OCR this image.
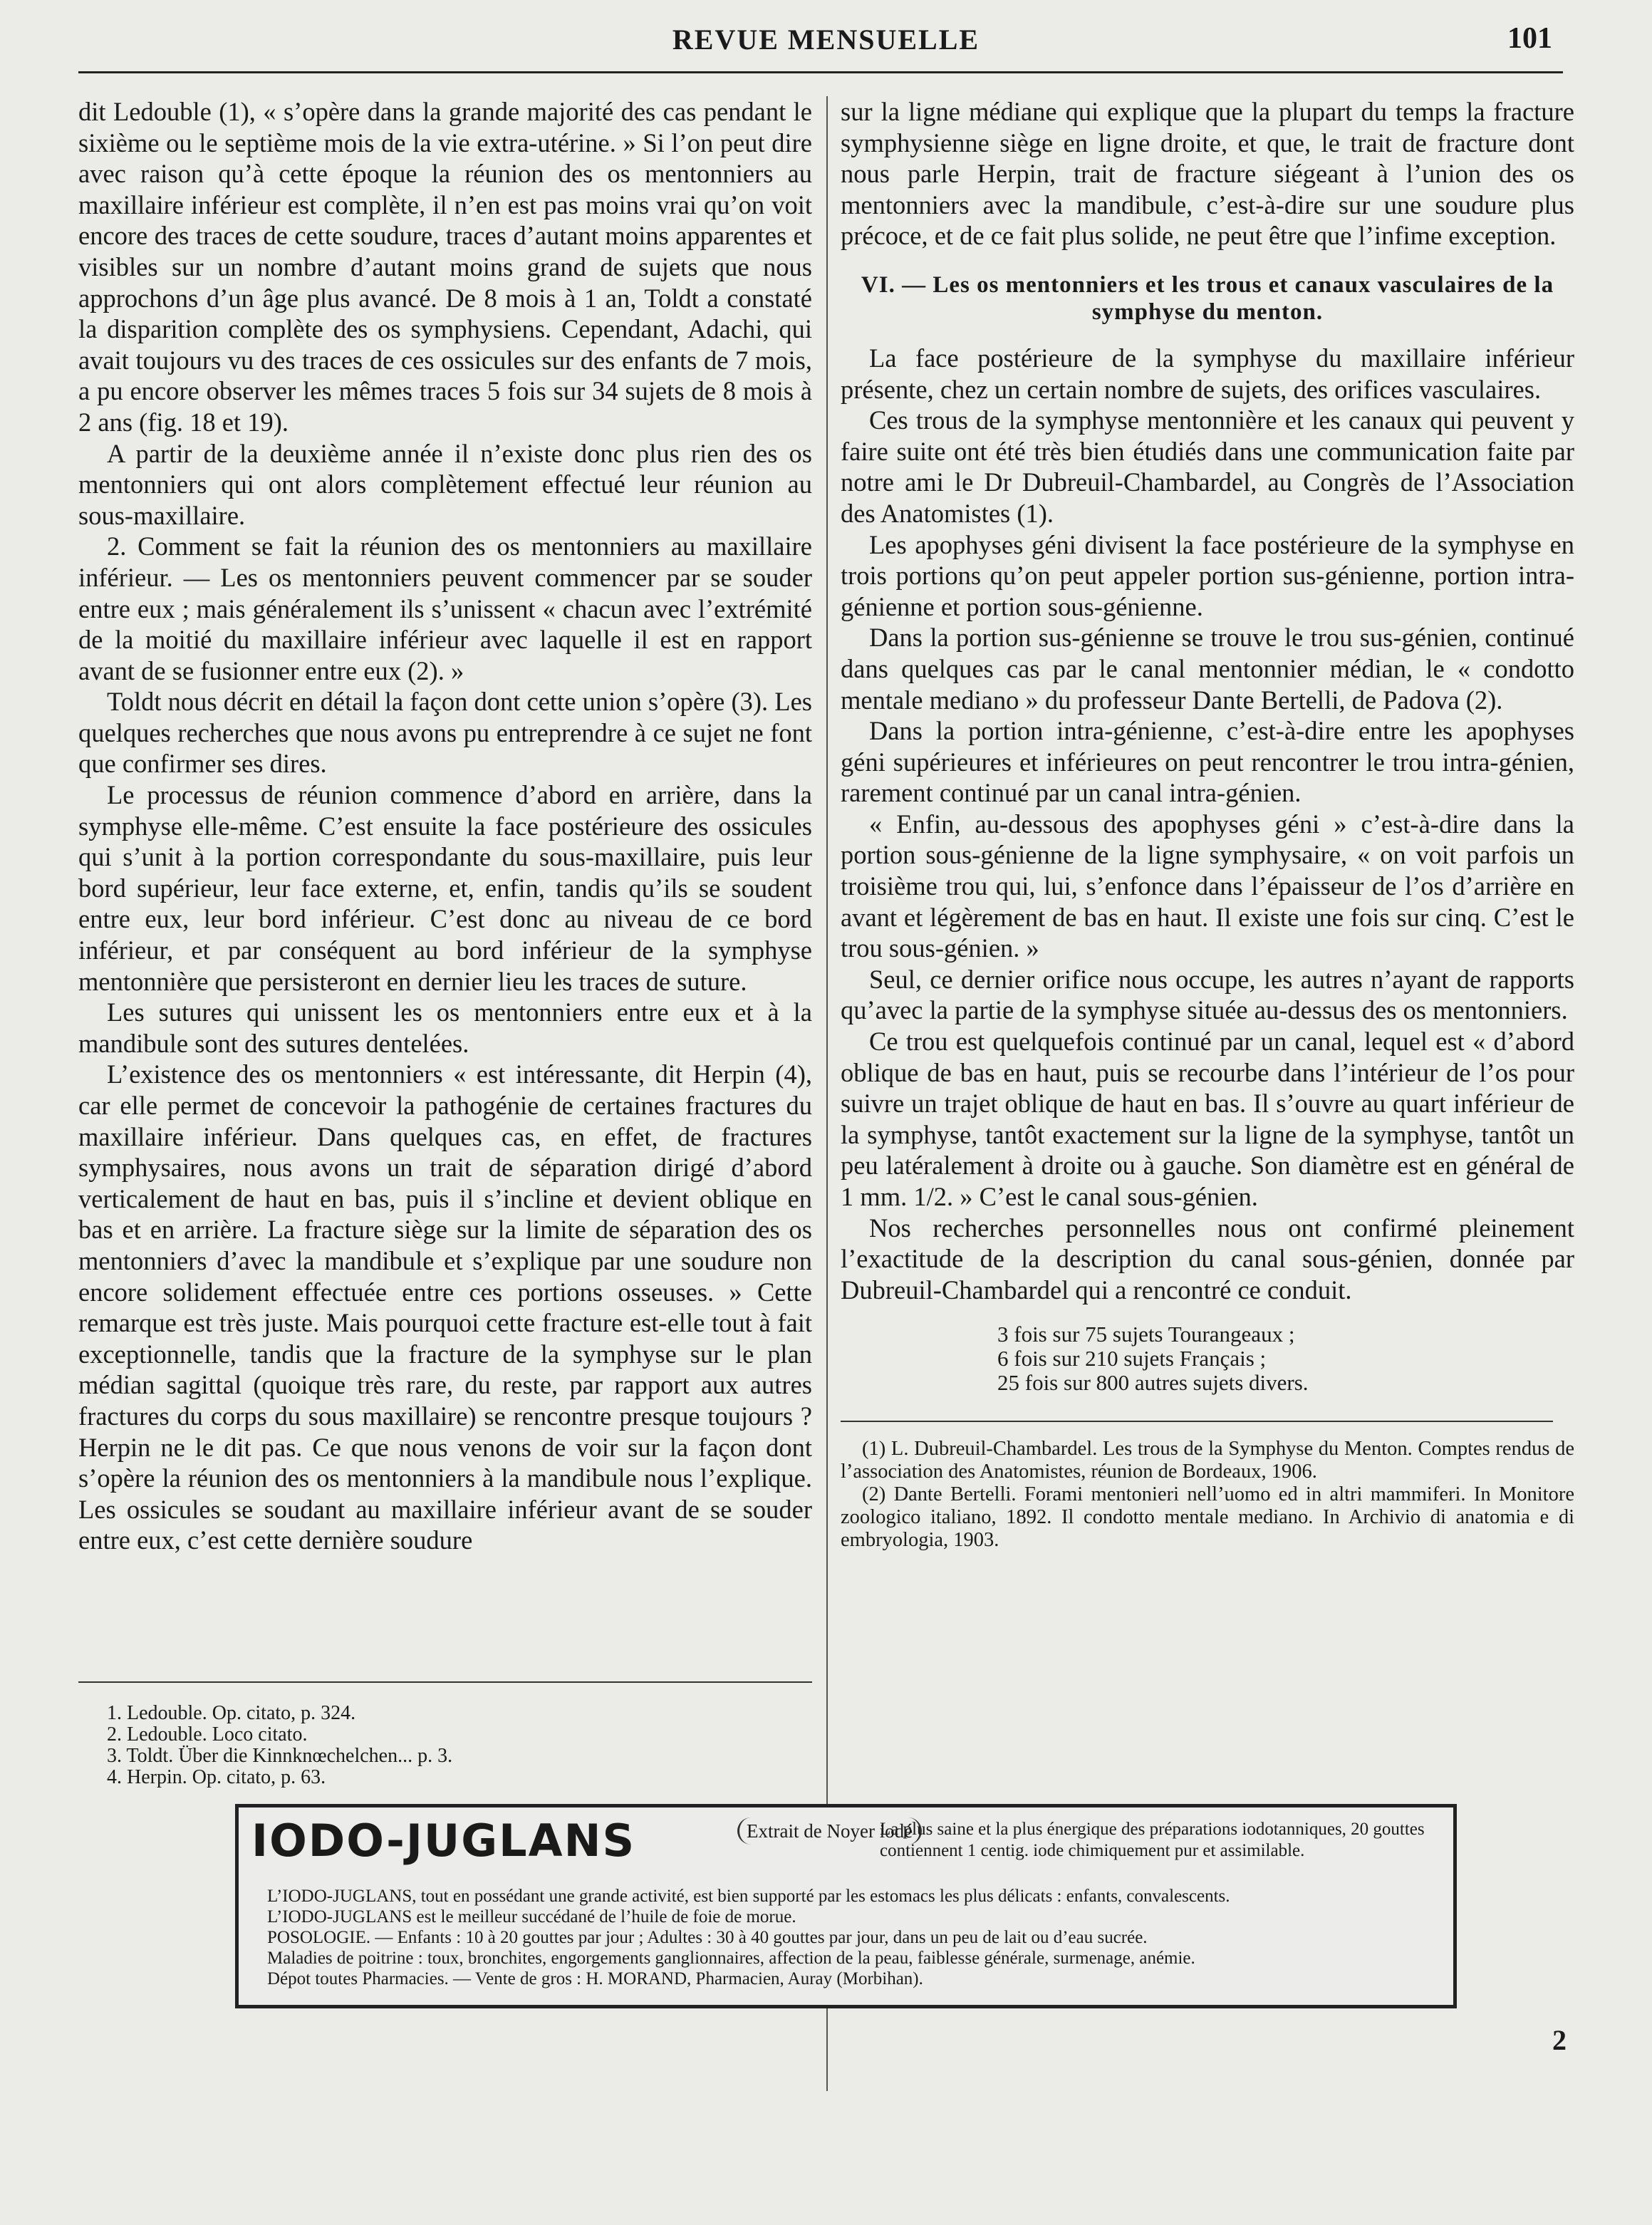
REVUE MENSUELLE	101

dit Ledouble (1), « s’opère dans la grande majorité des cas pendant le sixième ou le septième mois de la vie extra-utérine. » Si l’on peut dire avec raison qu’à cette époque la réunion des os mentonniers au maxillaire inférieur est complète, il n’en est pas moins vrai qu’on voit encore des traces de cette soudure, traces d’autant moins apparentes et visibles sur un nombre d’autant moins grand de sujets que nous approchons d’un âge plus avancé. De 8 mois à 1 an, Toldt a constaté la disparition complète des os symphysiens. Cependant, Adachi, qui avait toujours vu des traces de ces ossicules sur des enfants de 7 mois, a pu encore observer les mêmes traces 5 fois sur 34 sujets de 8 mois à 2 ans (fig. 18 et 19).

A partir de la deuxième année il n’existe donc plus rien des os mentonniers qui ont alors complètement effectué leur réunion au sous-maxillaire.

2. Comment se fait la réunion des os mentonniers au maxillaire inférieur. — Les os mentonniers peuvent commencer par se souder entre eux ; mais généralement ils s’unissent « chacun avec l’extrémité de la moitié du maxillaire inférieur avec laquelle il est en rapport avant de se fusionner entre eux (2). »

Toldt nous décrit en détail la façon dont cette union s’opère (3). Les quelques recherches que nous avons pu entreprendre à ce sujet ne font que confirmer ses dires.

Le processus de réunion commence d’abord en arrière, dans la symphyse elle-même. C’est ensuite la face postérieure des ossicules qui s’unit à la portion correspondante du sous-maxillaire, puis leur bord supérieur, leur face externe, et, enfin, tandis qu’ils se soudent entre eux, leur bord inférieur. C’est donc au niveau de ce bord inférieur, et par conséquent au bord inférieur de la symphyse mentonnière que persisteront en dernier lieu les traces de suture.

Les sutures qui unissent les os mentonniers entre eux et à la mandibule sont des sutures dentelées.

L’existence des os mentonniers « est intéressante, dit Herpin (4), car elle permet de concevoir la pathogénie de certaines fractures du maxillaire inférieur. Dans quelques cas, en effet, de fractures symphysaires, nous avons un trait de séparation dirigé d’abord verticalement de haut en bas, puis il s’incline et devient oblique en bas et en arrière. La fracture siège sur la limite de séparation des os mentonniers d’avec la mandibule et s’explique par une soudure non encore solidement effectuée entre ces portions osseuses. » Cette remarque est très juste. Mais pourquoi cette fracture est-elle tout à fait exceptionnelle, tandis que la fracture de la symphyse sur le plan médian sagittal (quoique très rare, du reste, par rapport aux autres fractures du corps du sous maxillaire) se rencontre presque toujours ? Herpin ne le dit pas. Ce que nous venons de voir sur la façon dont s’opère la réunion des os mentonniers à la mandibule nous l’explique. Les ossicules se soudant au maxillaire inférieur avant de se souder entre eux, c’est cette dernière soudure

sur la ligne médiane qui explique que la plupart du temps la fracture symphysienne siège en ligne droite, et que, le trait de fracture dont nous parle Herpin, trait de fracture siégeant à l’union des os mentonniers avec la mandibule, c’est-à-dire sur une soudure plus précoce, et de ce fait plus solide, ne peut être que l’infime exception.

VI. — Les os mentonniers et les trous et canaux vasculaires de la symphyse du menton.

La face postérieure de la symphyse du maxillaire inférieur présente, chez un certain nombre de sujets, des orifices vasculaires.

Ces trous de la symphyse mentonnière et les canaux qui peuvent y faire suite ont été très bien étudiés dans une communication faite par notre ami le Dr Dubreuil-Chambardel, au Congrès de l’Association des Anatomistes (1).

Les apophyses géni divisent la face postérieure de la symphyse en trois portions qu’on peut appeler portion sus-génienne, portion intra-génienne et portion sous-génienne.

Dans la portion sus-génienne se trouve le trou sus-génien, continué dans quelques cas par le canal mentonnier médian, le « condotto mentale mediano » du professeur Dante Bertelli, de Padova (2).

Dans la portion intra-génienne, c’est-à-dire entre les apophyses géni supérieures et inférieures on peut rencontrer le trou intra-génien, rarement continué par un canal intra-génien.

« Enfin, au-dessous des apophyses géni » c’est-à-dire dans la portion sous-génienne de la ligne symphysaire, « on voit parfois un troisième trou qui, lui, s’enfonce dans l’épaisseur de l’os d’arrière en avant et légèrement de bas en haut. Il existe une fois sur cinq. C’est le trou sous-génien. »

Seul, ce dernier orifice nous occupe, les autres n’ayant de rapports qu’avec la partie de la symphyse située au-dessus des os mentonniers.

Ce trou est quelquefois continué par un canal, lequel est « d’abord oblique de bas en haut, puis se recourbe dans l’intérieur de l’os pour suivre un trajet oblique de haut en bas. Il s’ouvre au quart inférieur de la symphyse, tantôt exactement sur la ligne de la symphyse, tantôt un peu latéralement à droite ou à gauche. Son diamètre est en général de 1 mm. 1/2. » C’est le canal sous-génien.

Nos recherches personnelles nous ont confirmé pleinement l’exactitude de la description du canal sous-génien, donnée par Dubreuil-Chambardel qui a rencontré ce conduit.

3 fois sur 75 sujets Tourangeaux ;
6 fois sur 210 sujets Français ;
25 fois sur 800 autres sujets divers.

(1) L. Dubreuil-Chambardel. Les trous de la Symphyse du Menton. Comptes rendus de l’association des Anatomistes, réunion de Bordeaux, 1906.

(2) Dante Bertelli. Forami mentonieri nell’uomo ed in altri mammiferi. In Monitore zoologico italiano, 1892. Il condotto mentale mediano. In Archivio di anatomia e di embryologia, 1903.

1. Ledouble. Op. citato, p. 324.
2. Ledouble. Loco citato.
3. Toldt. Über die Kinnknœchelchen... p. 3.
4. Herpin. Op. citato, p. 63.
IODO-JUGLANS	Extrait de Noyer iodé
La plus saine et la plus énergique des préparations iodotanniques, 20 gouttes contiennent 1 centig. iode chimiquement pur et assimilable.
L’IODO-JUGLANS, tout en possédant une grande activité, est bien supporté par les estomacs les plus délicats : enfants, convalescents.
L’IODO-JUGLANS est le meilleur succédané de l’huile de foie de morue.
POSOLOGIE. — Enfants : 10 à 20 gouttes par jour ; Adultes : 30 à 40 gouttes par jour, dans un peu de lait ou d’eau sucrée.
Maladies de poitrine : toux, bronchites, engorgements ganglionnaires, affection de la peau, faiblesse générale, surmenage, anémie.
Dépot toutes Pharmacies. — Vente de gros : H. MORAND, Pharmacien, Auray (Morbihan).
2
